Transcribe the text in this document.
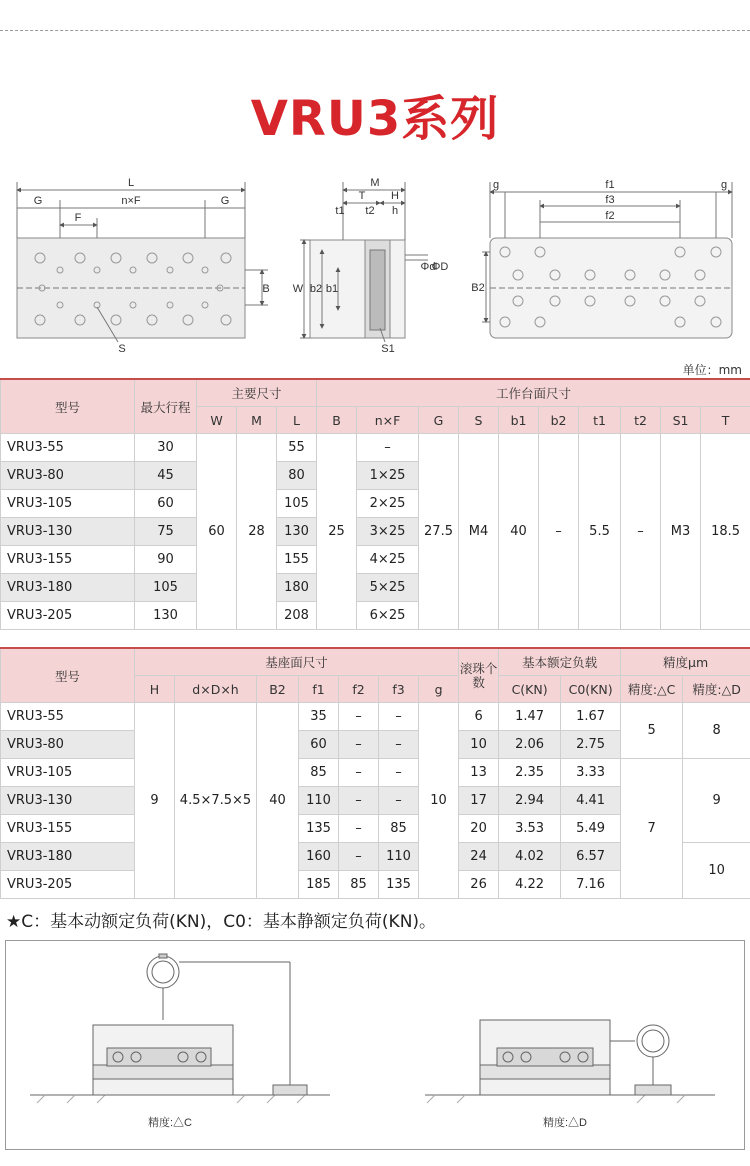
VRU3系列
L
G	n×F	G
F
B
S
M
T
t1 t2
H
h
W b2 b1
Φd
ΦD
S1
g	f1	g
f3
f2
B2
单位：mm
型号	最大行程	主要尺寸			工作台面尺寸									
		W	M	L	B	n×F	G	S	b1	b2	t1	t2	S1	T
VRU3-55	30	60	28	55	25	–	27.5	M4	40	–	5.5	–	M3	18.5
VRU3-80	45			80		1×25								
VRU3-105	60			105		2×25								
VRU3-130	75			130		3×25								
VRU3-155	90			155		4×25								
VRU3-180	105			180		5×25								
VRU3-205	130			208		6×25								
型号	基座面尺寸							滚珠个数	基本额定负载		精度μm	
	H	d×D×h	B2	f1	f2	f3	g		C(KN)	C0(KN)	精度:△C	精度:△D
VRU3-55	9	4.5×7.5×5	40	35	–	–	10	6	1.47	1.67	5	8
VRU3-80				60	–	–		10	2.06	2.75		
VRU3-105				85	–	–		13	2.35	3.33	7	9
VRU3-130				110	–	–		17	2.94	4.41		
VRU3-155				135	–	85		20	3.53	5.49		
VRU3-180				160	–	110		24	4.02	6.57		10
VRU3-205				185	85	135		26	4.22	7.16		
★C：基本动额定负荷(KN)，C0：基本静额定负荷(KN)。
精度:△C	精度:△D
